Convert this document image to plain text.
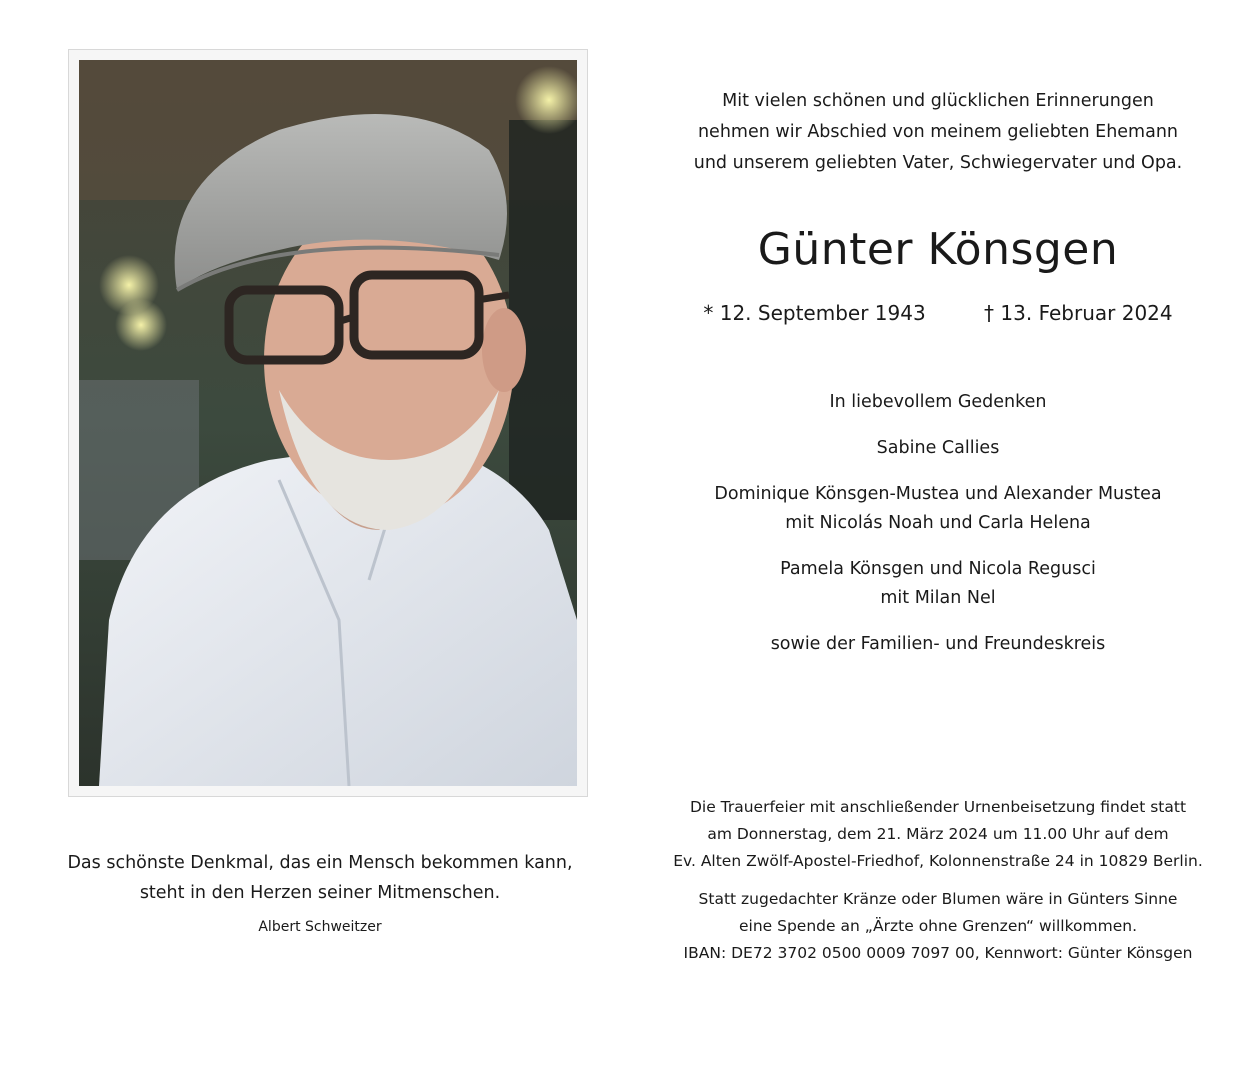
Das schönste Denkmal, das ein Mensch bekommen kann,
steht in den Herzen seiner Mitmenschen.
Albert Schweitzer
Mit vielen schönen und glücklichen Erinnerungen
nehmen wir Abschied von meinem geliebten Ehemann
und unserem geliebten Vater, Schwiegervater und Opa.
Günter Könsgen
* 12. September 1943	† 13. Februar 2024

In liebevollem Gedenken

Sabine Callies

Dominique Könsgen-Mustea und Alexander Mustea
mit Nicolás Noah und Carla Helena

Pamela Könsgen und Nicola Regusci
mit Milan Nel

sowie der Familien- und Freundeskreis

Die Trauerfeier mit anschließender Urnenbeisetzung findet statt
am Donnerstag, dem 21. März 2024 um 11.00 Uhr auf dem
Ev. Alten Zwölf-Apostel-Friedhof, Kolonnenstraße 24 in 10829 Berlin.

Statt zugedachter Kränze oder Blumen wäre in Günters Sinne
eine Spende an „Ärzte ohne Grenzen“ willkommen.
IBAN: DE72 3702 0500 0009 7097 00, Kennwort: Günter Könsgen
